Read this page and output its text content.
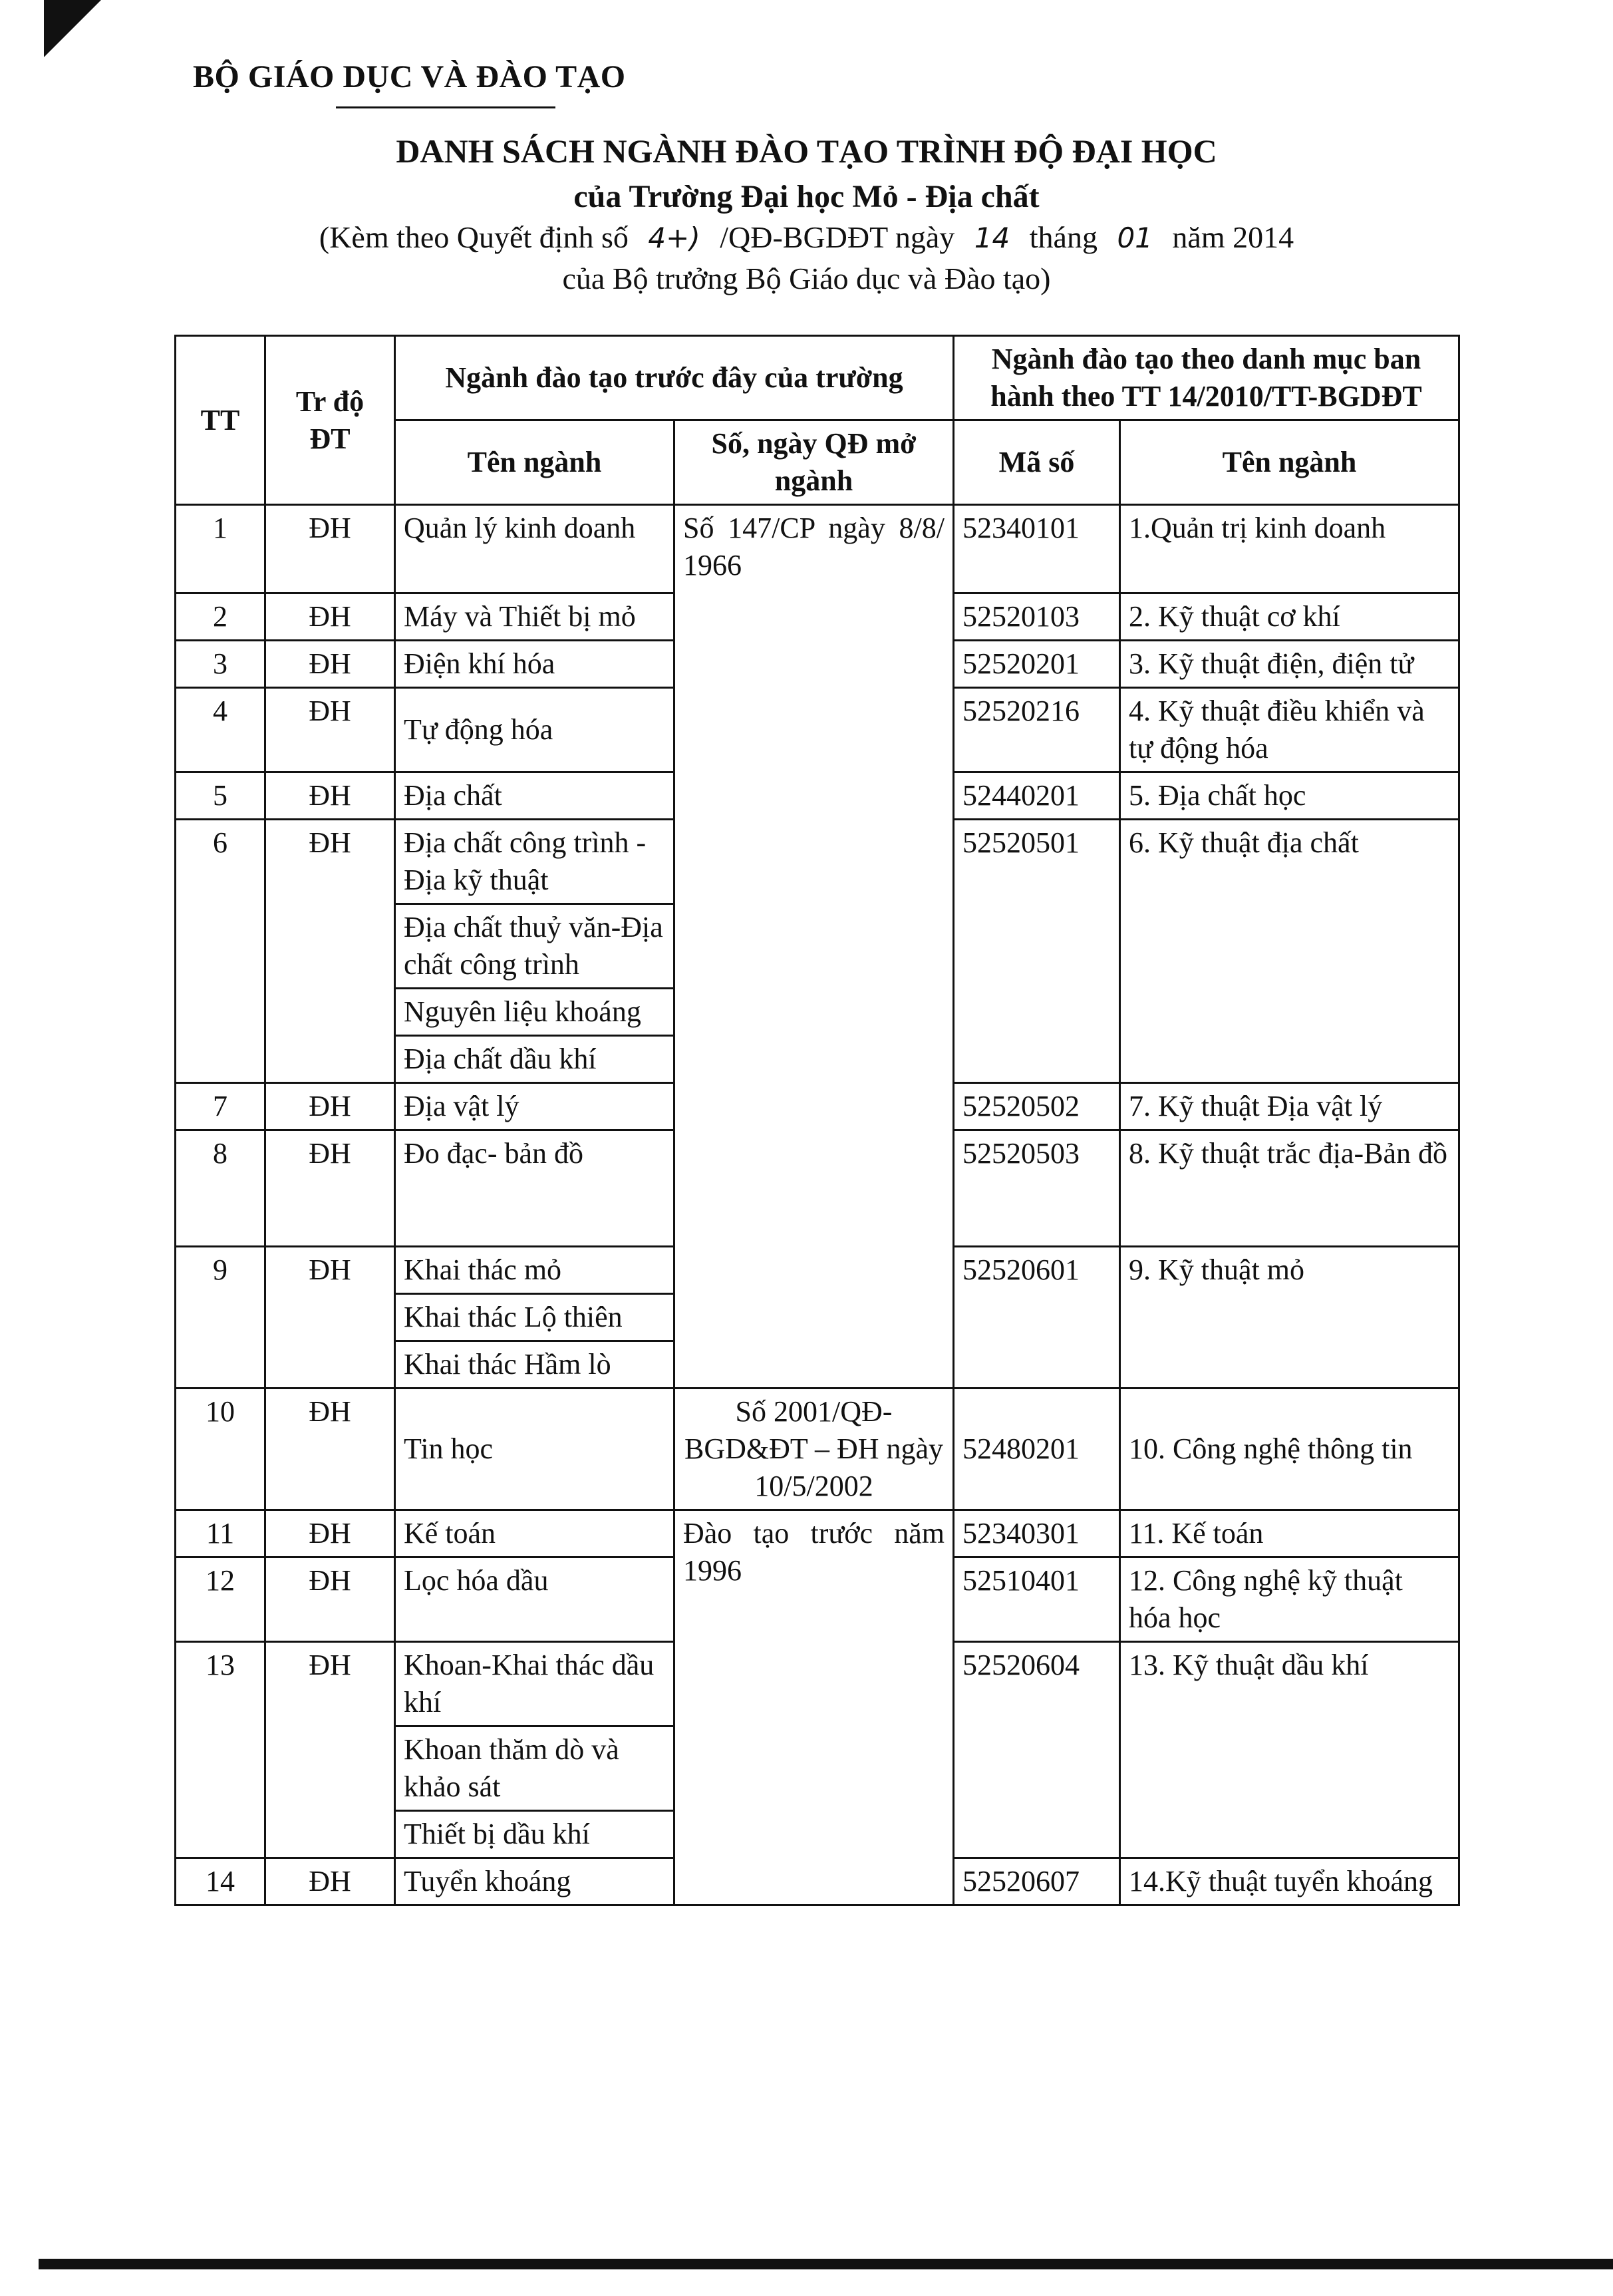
BỘ GIÁO DỤC VÀ ĐÀO TẠO
DANH SÁCH NGÀNH ĐÀO TẠO TRÌNH ĐỘ ĐẠI HỌC
của Trường Đại học Mỏ - Địa chất
(Kèm theo Quyết định số 4+) /QĐ-BGDĐT ngày 14 tháng 01 năm 2014
của Bộ trưởng Bộ Giáo dục và Đào tạo)
TT	Tr độ ĐT	Ngành đào tạo trước đây của trường		Ngành đào tạo theo danh mục ban hành theo TT 14/2010/TT-BGDĐT	
		Tên ngành	Số, ngày QĐ mở ngành	Mã số	Tên ngành
1	ĐH	Quản lý kinh doanh	Số 147/CP ngày 8/8/ 1966	52340101	1.Quản trị kinh doanh
2	ĐH	Máy và Thiết bị mỏ		52520103	2. Kỹ thuật cơ khí
3	ĐH	Điện khí hóa		52520201	3. Kỹ thuật điện, điện tử
4	ĐH	Tự động hóa		52520216	4. Kỹ thuật điều khiển và tự động hóa
5	ĐH	Địa chất		52440201	5. Địa chất học
6	ĐH	Địa chất công trình - Địa kỹ thuật		52520501	6. Kỹ thuật địa chất
		Địa chất thuỷ văn-Địa chất công trình			
		Nguyên liệu khoáng			
		Địa chất dầu khí			
7	ĐH	Địa vật lý		52520502	7. Kỹ thuật Địa vật lý
8	ĐH	Đo đạc- bản đồ		52520503	8. Kỹ thuật trắc địa-Bản đồ
9	ĐH	Khai thác mỏ		52520601	9. Kỹ thuật mỏ
		Khai thác Lộ thiên			
		Khai thác Hầm lò			
10	ĐH	Tin học	Số 2001/QĐ-BGD&ĐT – ĐH ngày 10/5/2002	52480201	10. Công nghệ thông tin
11	ĐH	Kế toán	Đào tạo trước năm 1996	52340301	11. Kế toán
12	ĐH	Lọc hóa dầu		52510401	12. Công nghệ kỹ thuật hóa học
13	ĐH	Khoan-Khai thác dầu khí		52520604	13. Kỹ thuật dầu khí
		Khoan thăm dò và khảo sát			
		Thiết bị dầu khí			
14	ĐH	Tuyển khoáng		52520607	14.Kỹ thuật tuyển khoáng
